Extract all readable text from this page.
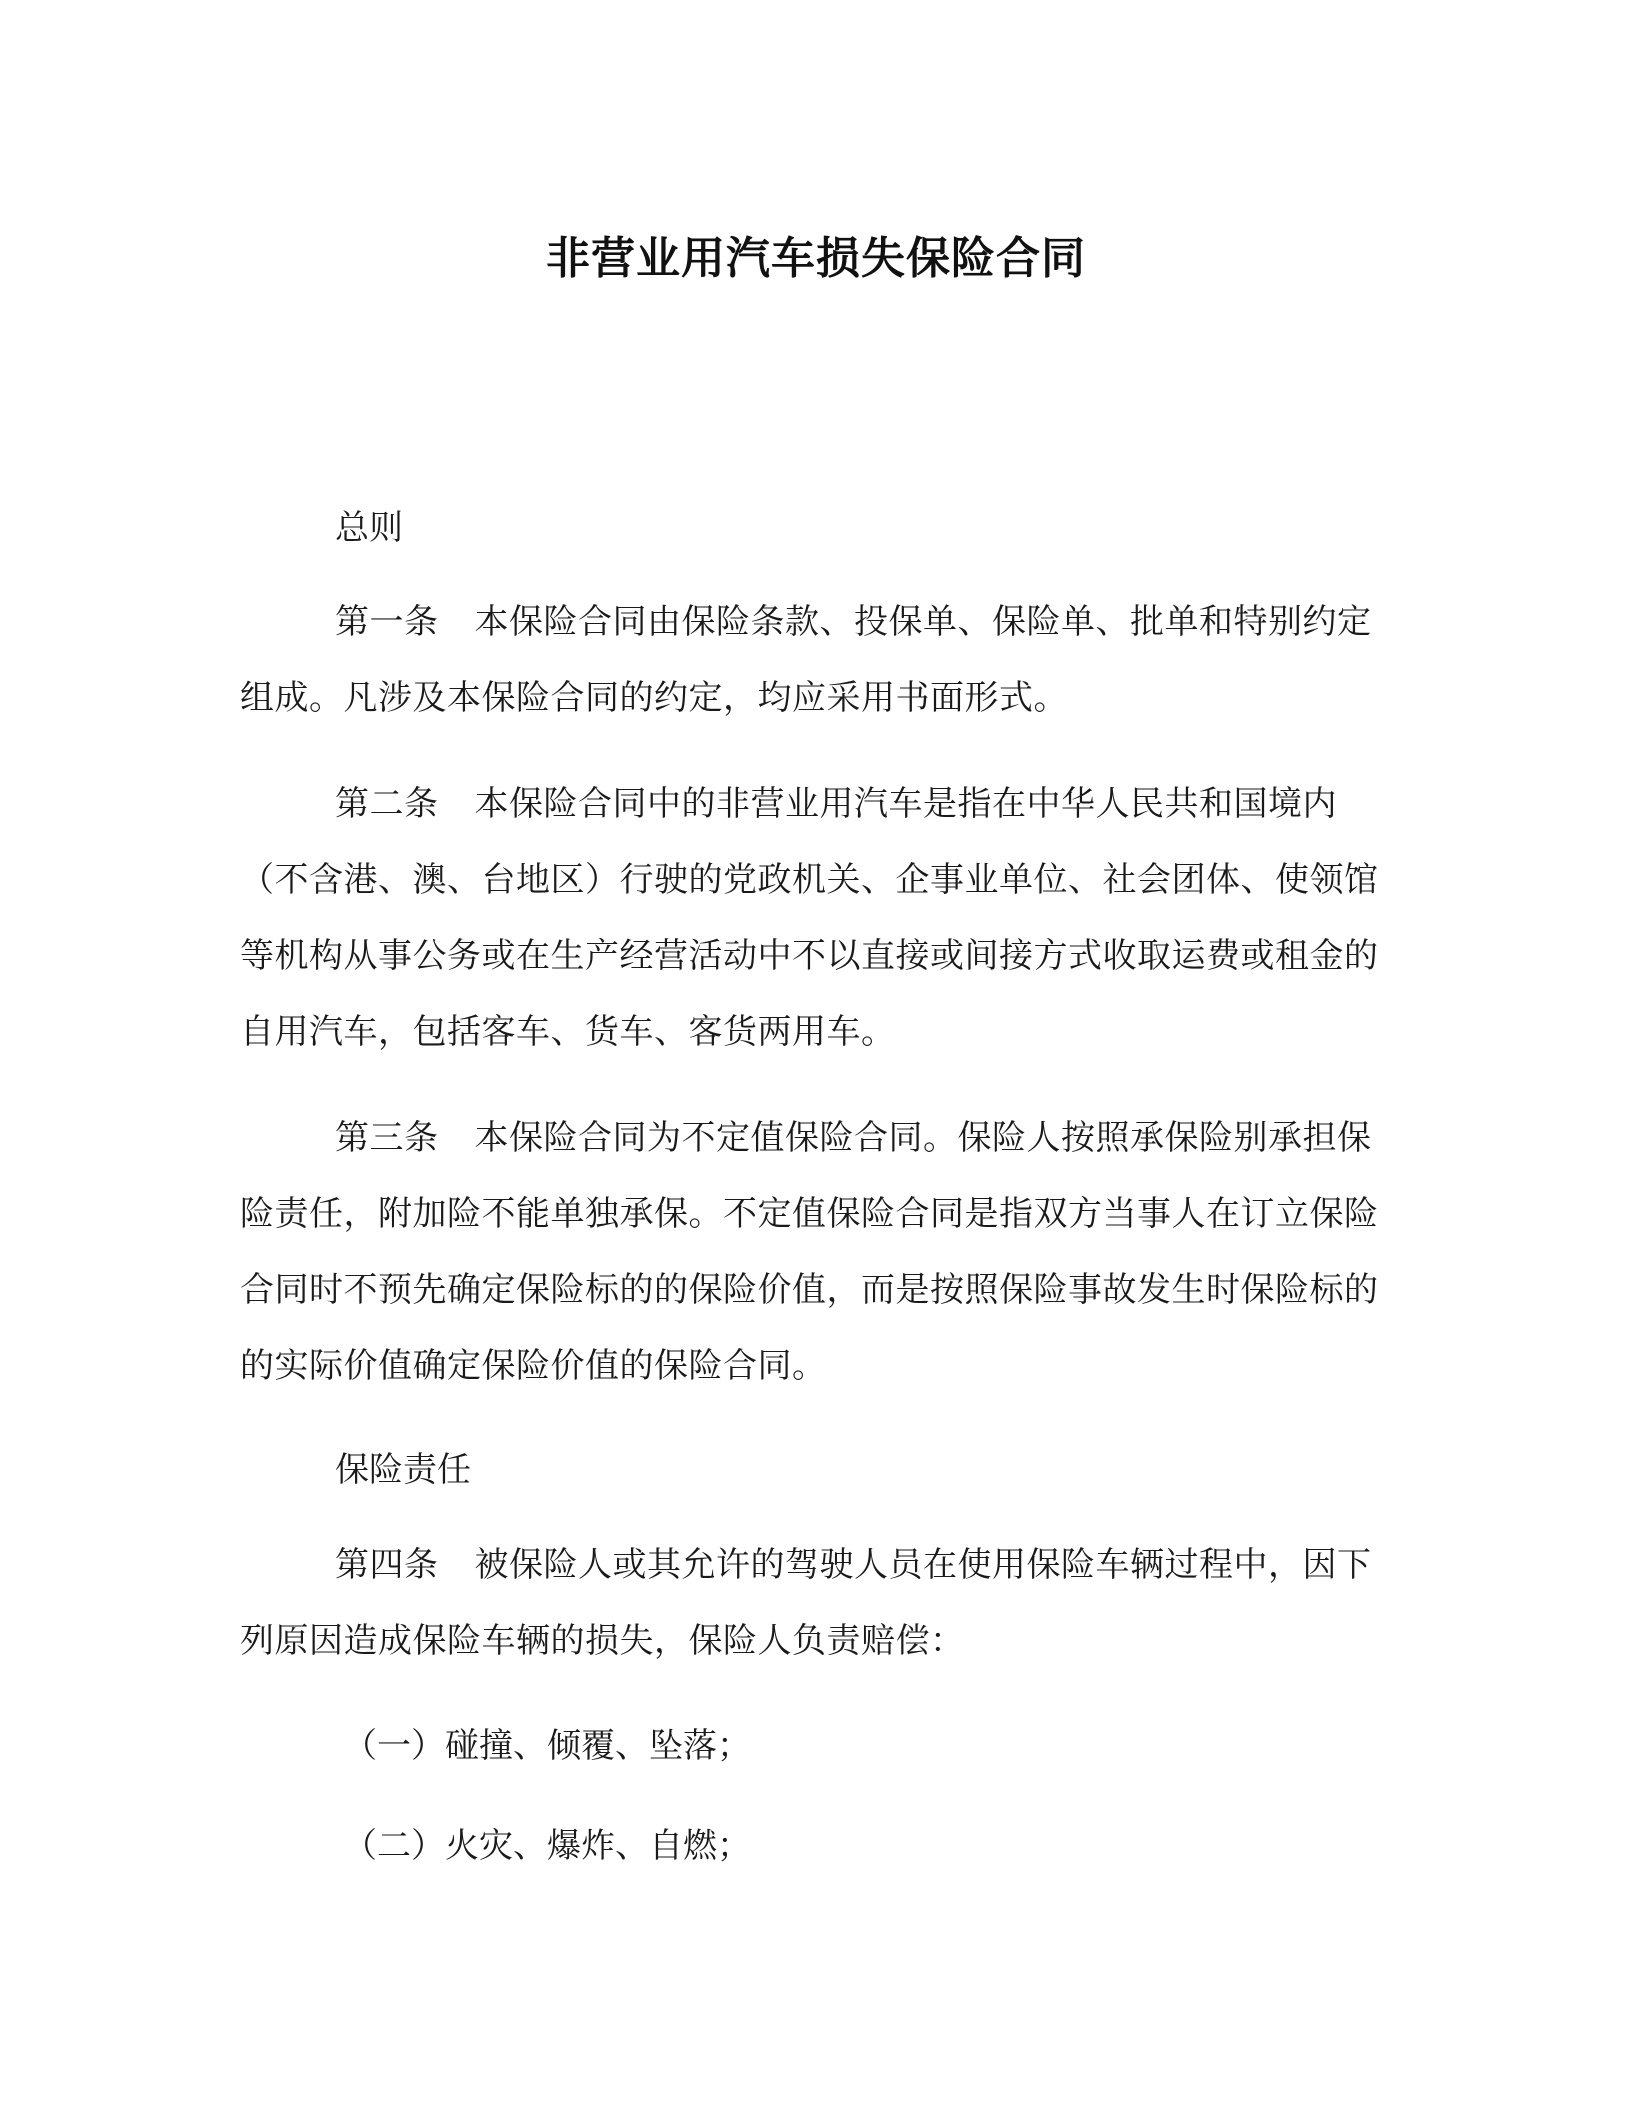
非营业用汽车损失保险合同

总则

第一条 本保险合同由保险条款、投保单、保险单、批单和特别约定组成。凡涉及本保险合同的约定，均应采用书面形式。

第二条 本保险合同中的非营业用汽车是指在中华人民共和国境内（不含港、澳、台地区）行驶的党政机关、企事业单位、社会团体、使领馆等机构从事公务或在生产经营活动中不以直接或间接方式收取运费或租金的自用汽车，包括客车、货车、客货两用车。

第三条 本保险合同为不定值保险合同。保险人按照承保险别承担保险责任，附加险不能单独承保。不定值保险合同是指双方当事人在订立保险合同时不预先确定保险标的的保险价值，而是按照保险事故发生时保险标的的实际价值确定保险价值的保险合同。

保险责任

第四条 被保险人或其允许的驾驶人员在使用保险车辆过程中，因下列原因造成保险车辆的损失，保险人负责赔偿：

（一）碰撞、倾覆、坠落；

（二）火灾、爆炸、自燃；
